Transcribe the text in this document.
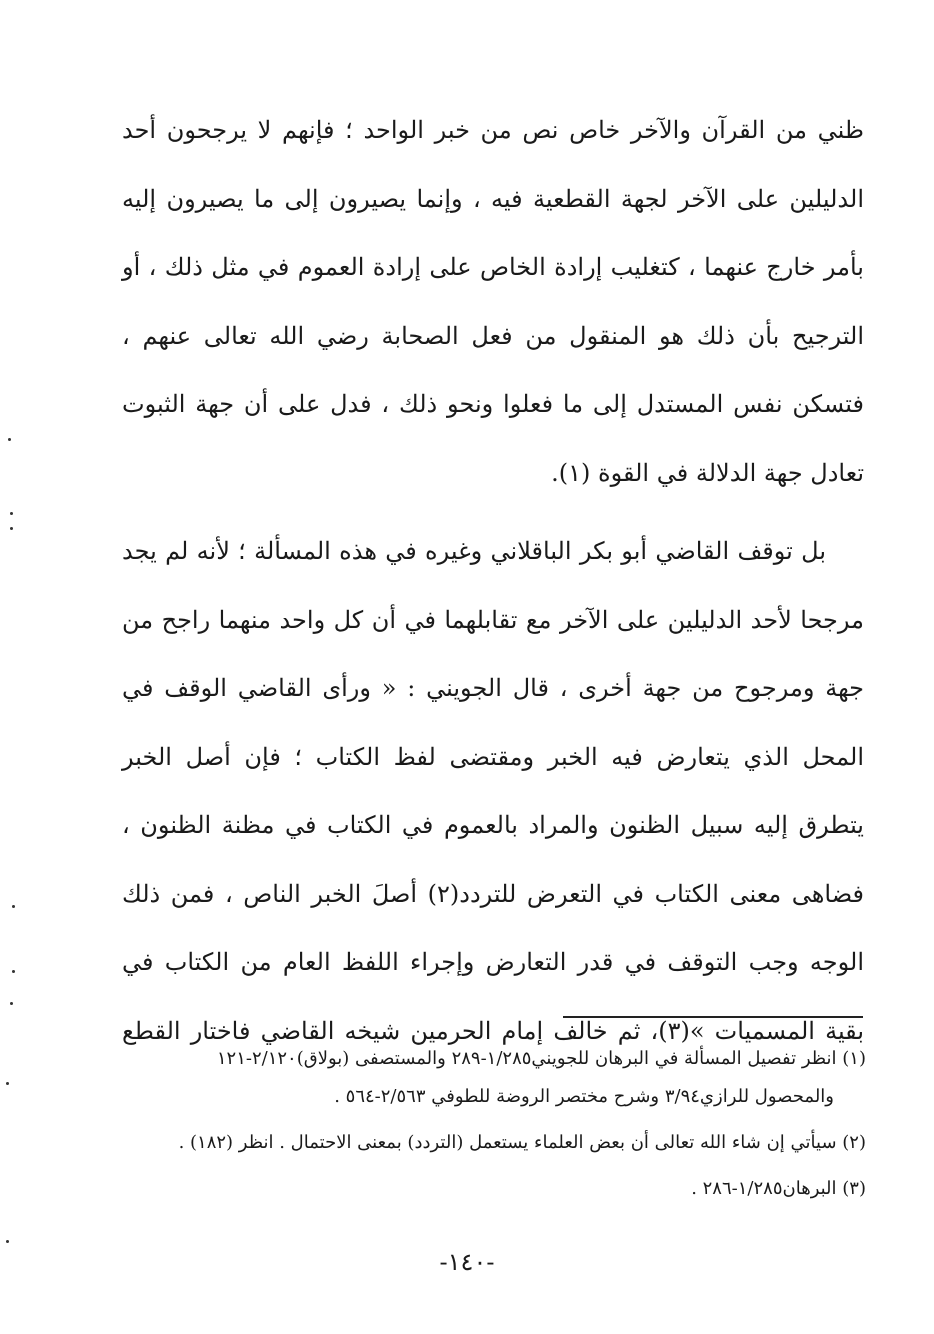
ظني من القرآن والآخر خاص نص من خبر الواحد ؛ فإنهم لا يرجحون أحد الدليلين على الآخر لجهة القطعية فيه ، وإنما يصيرون إلى ما يصيرون إليه بأمر خارج عنهما ، كتغليب إرادة الخاص على إرادة العموم في مثل ذلك ، أو الترجيح بأن ذلك هو المنقول من فعل الصحابة رضي الله تعالى عنهم ، فتسكن نفس المستدل إلى ما فعلوا ونحو ذلك ، فدل على أن جهة الثبوت تعادل جهة الدلالة في القوة (١).

بل توقف القاضي أبو بكر الباقلاني وغيره في هذه المسألة ؛ لأنه لم يجد مرجحا لأحد الدليلين على الآخر مع تقابلهما في أن كل واحد منهما راجح من جهة ومرجوح من جهة أخرى ، قال الجويني : « ورأى القاضي الوقف في المحل الذي يتعارض فيه الخبر ومقتضى لفظ الكتاب ؛ فإن أصل الخبر يتطرق إليه سبيل الظنون والمراد بالعموم في الكتاب في مظنة الظنون ، فضاهى معنى الكتاب في التعرض للتردد(٢) أصلَ الخبر الناص ، فمن ذلك الوجه وجب التوقف في قدر التعارض وإجراء اللفظ العام من الكتاب في بقية المسميات »(٣)، ثم خالف إمام الحرمين شيخه القاضي فاختار القطع

(١) انظر تفصيل المسألة في البرهان للجويني١/٢٨٥-٢٨٩ والمستصفى (بولاق)٢/١٢٠-١٢١

والمحصول للرازي٣/٩٤ وشرح مختصر الروضة للطوفي ٢/٥٦٣-٥٦٤ .

(٢) سيأتي إن شاء الله تعالى أن بعض العلماء يستعمل (التردد) بمعنى الاحتمال . انظر (١٨٢) .

(٣) البرهان١/٢٨٥-٢٨٦ .

-١٤٠-
